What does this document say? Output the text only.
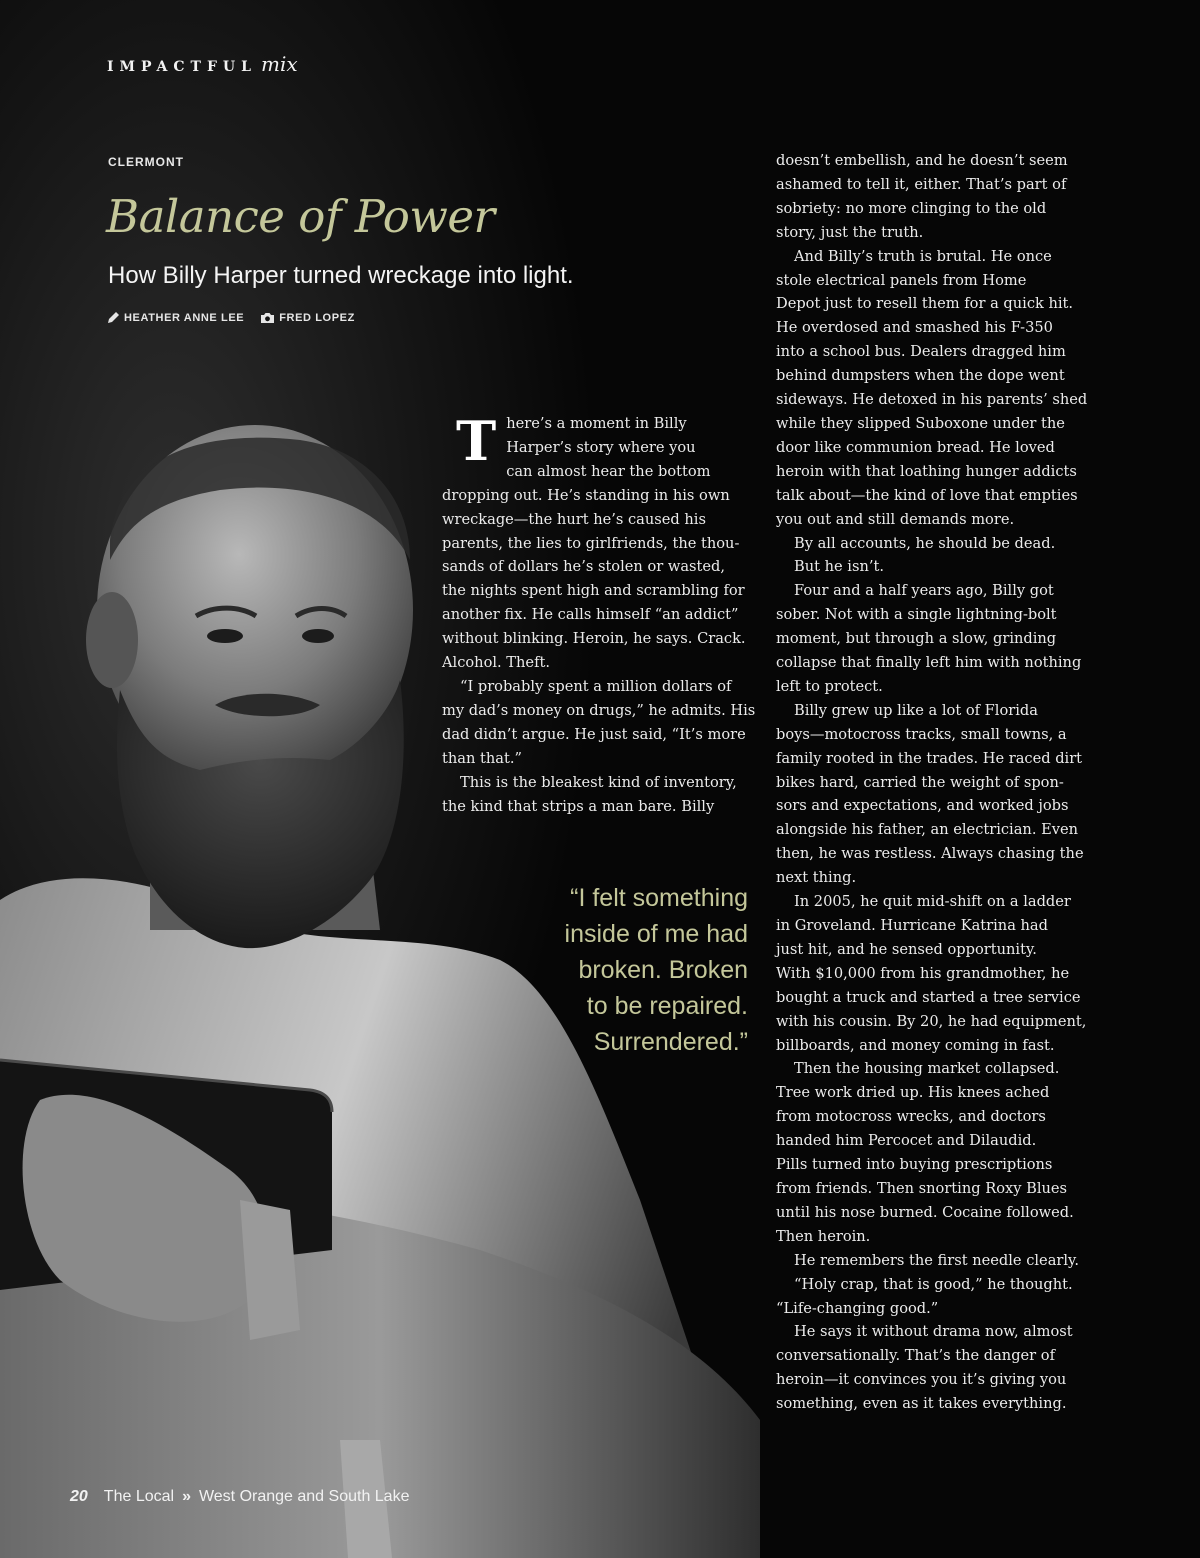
IMPACTFUL mix
CLERMONT
Balance of Power
How Billy Harper turned wreckage into light.
HEATHER ANNE LEE	FRED LOPEZ
T here’s a moment in Billy

Harper’s story where you

can almost hear the bottom

dropping out. He’s standing in his own

wreckage—the hurt he’s caused his

parents, the lies to girlfriends, the thou-

sands of dollars he’s stolen or wasted,

the nights spent high and scrambling for

another fix. He calls himself “an addict”

without blinking. Heroin, he says. Crack.

Alcohol. Theft.

“I probably spent a million dollars of

my dad’s money on drugs,” he admits. His

dad didn’t argue. He just said, “It’s more

than that.”

This is the bleakest kind of inventory,

the kind that strips a man bare. Billy

doesn’t embellish, and he doesn’t seem

ashamed to tell it, either. That’s part of

sobriety: no more clinging to the old

story, just the truth.

And Billy’s truth is brutal. He once

stole electrical panels from Home

Depot just to resell them for a quick hit.

He overdosed and smashed his F-350

into a school bus. Dealers dragged him

behind dumpsters when the dope went

sideways. He detoxed in his parents’ shed

while they slipped Suboxone under the

door like communion bread. He loved

heroin with that loathing hunger addicts

talk about—the kind of love that empties

you out and still demands more.

By all accounts, he should be dead.

But he isn’t.

Four and a half years ago, Billy got

sober. Not with a single lightning-bolt

moment, but through a slow, grinding

collapse that finally left him with nothing

left to protect.

Billy grew up like a lot of Florida

boys—motocross tracks, small towns, a

family rooted in the trades. He raced dirt

bikes hard, carried the weight of spon-

sors and expectations, and worked jobs

alongside his father, an electrician. Even

then, he was restless. Always chasing the

next thing.

In 2005, he quit mid-shift on a ladder

in Groveland. Hurricane Katrina had

just hit, and he sensed opportunity.

With $10,000 from his grandmother, he

bought a truck and started a tree service

with his cousin. By 20, he had equipment,

billboards, and money coming in fast.

Then the housing market collapsed.

Tree work dried up. His knees ached

from motocross wrecks, and doctors

handed him Percocet and Dilaudid.

Pills turned into buying prescriptions

from friends. Then snorting Roxy Blues

until his nose burned. Cocaine followed.

Then heroin.

He remembers the first needle clearly.

“Holy crap, that is good,” he thought.

“Life-changing good.”

He says it without drama now, almost

conversationally. That’s the danger of

heroin—it convinces you it’s giving you

something, even as it takes everything.

“I felt something
inside of me had
broken. Broken
to be repaired.
Surrendered.”
20 The Local » West Orange and South Lake
